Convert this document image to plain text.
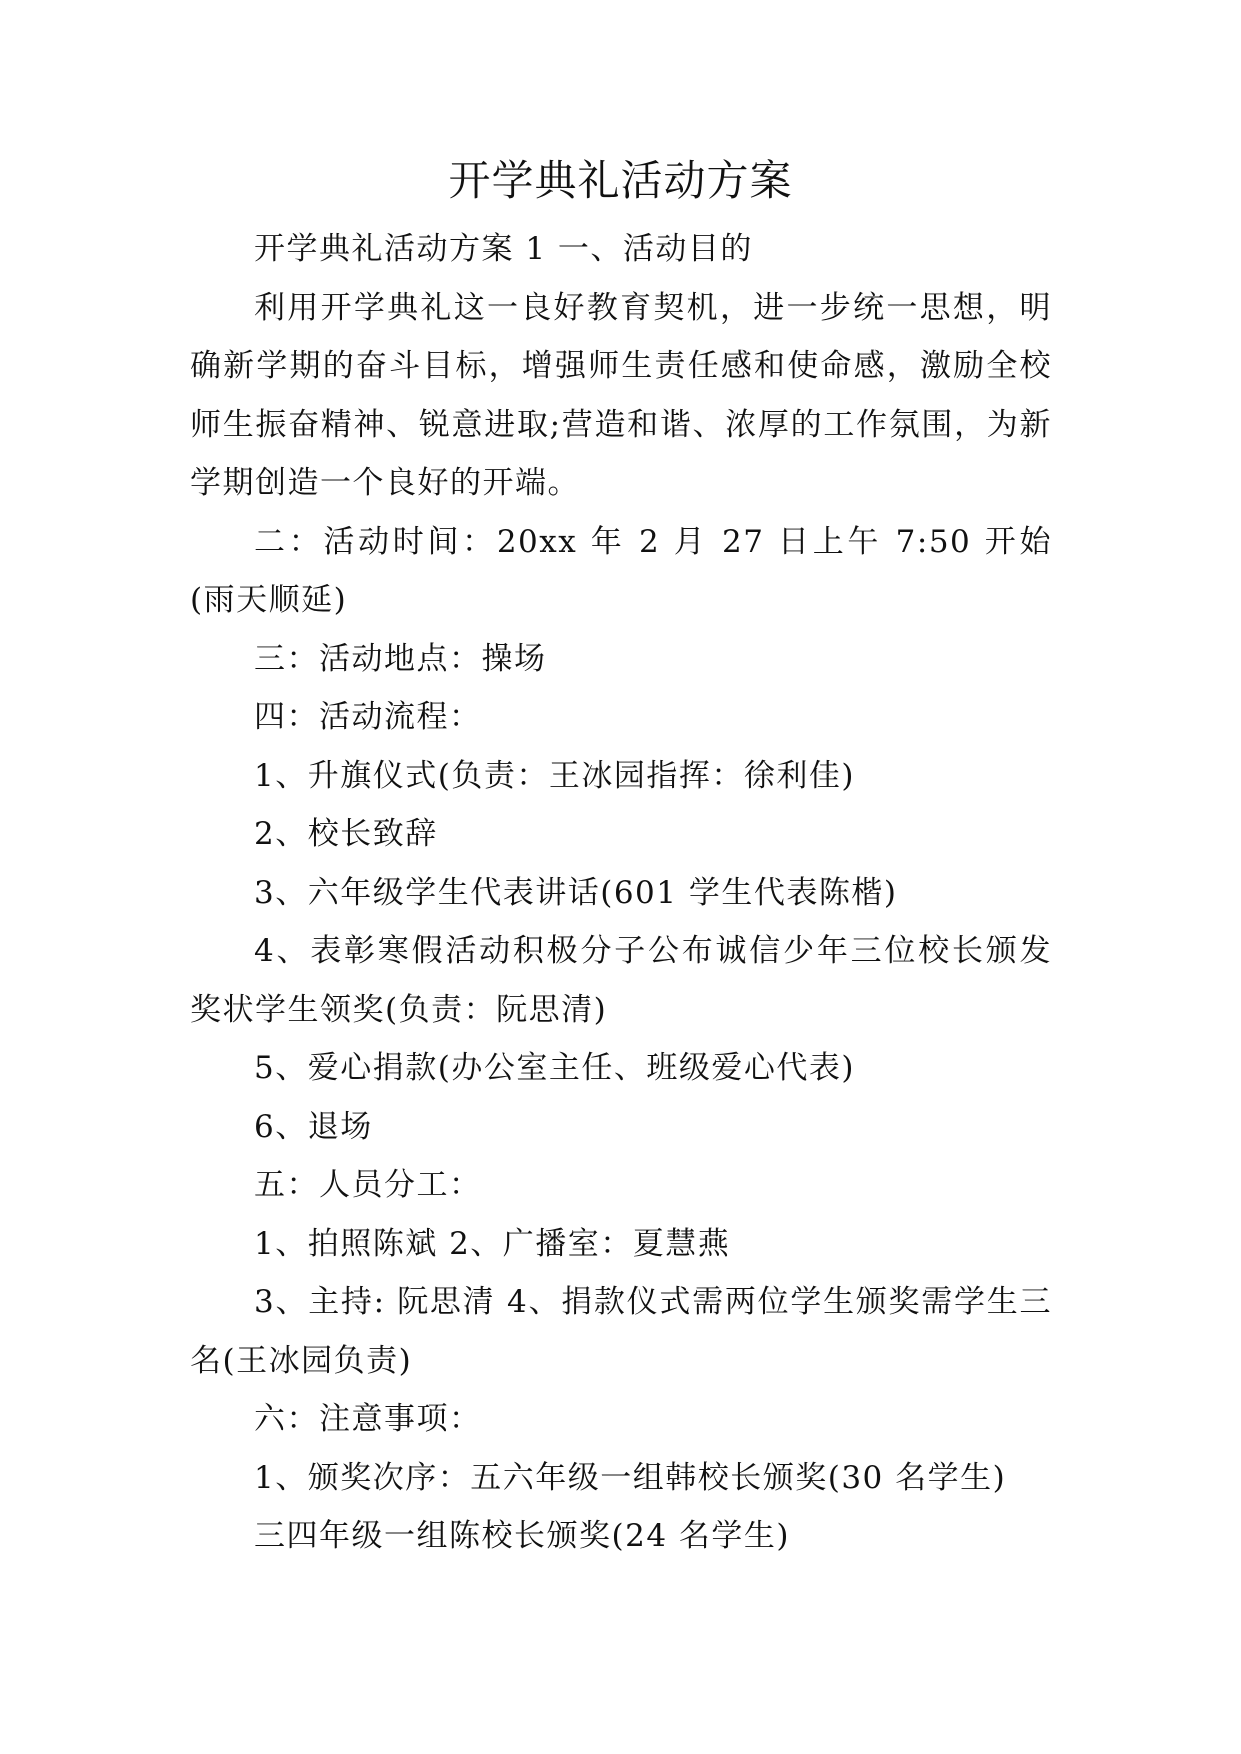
开学典礼活动方案

开学典礼活动方案 1 一、活动目的

利用开学典礼这一良好教育契机，进一步统一思想，明确新学期的奋斗目标，增强师生责任感和使命感，激励全校师生振奋精神、锐意进取;营造和谐、浓厚的工作氛围，为新学期创造一个良好的开端。

二：活动时间：20xx 年 2 月 27 日上午 7:50 开始(雨天顺延)

三：活动地点：操场

四：活动流程：

1、升旗仪式(负责：王冰园指挥：徐利佳)

2、校长致辞

3、六年级学生代表讲话(601 学生代表陈楷)

4、表彰寒假活动积极分子公布诚信少年三位校长颁发奖状学生领奖(负责：阮思清)

5、爱心捐款(办公室主任、班级爱心代表)

6、退场

五：人员分工：

1、拍照陈斌 2、广播室：夏慧燕

3、主持: 阮思清 4、捐款仪式需两位学生颁奖需学生三名(王冰园负责)

六：注意事项：

1、颁奖次序：五六年级一组韩校长颁奖(30 名学生)

三四年级一组陈校长颁奖(24 名学生)
